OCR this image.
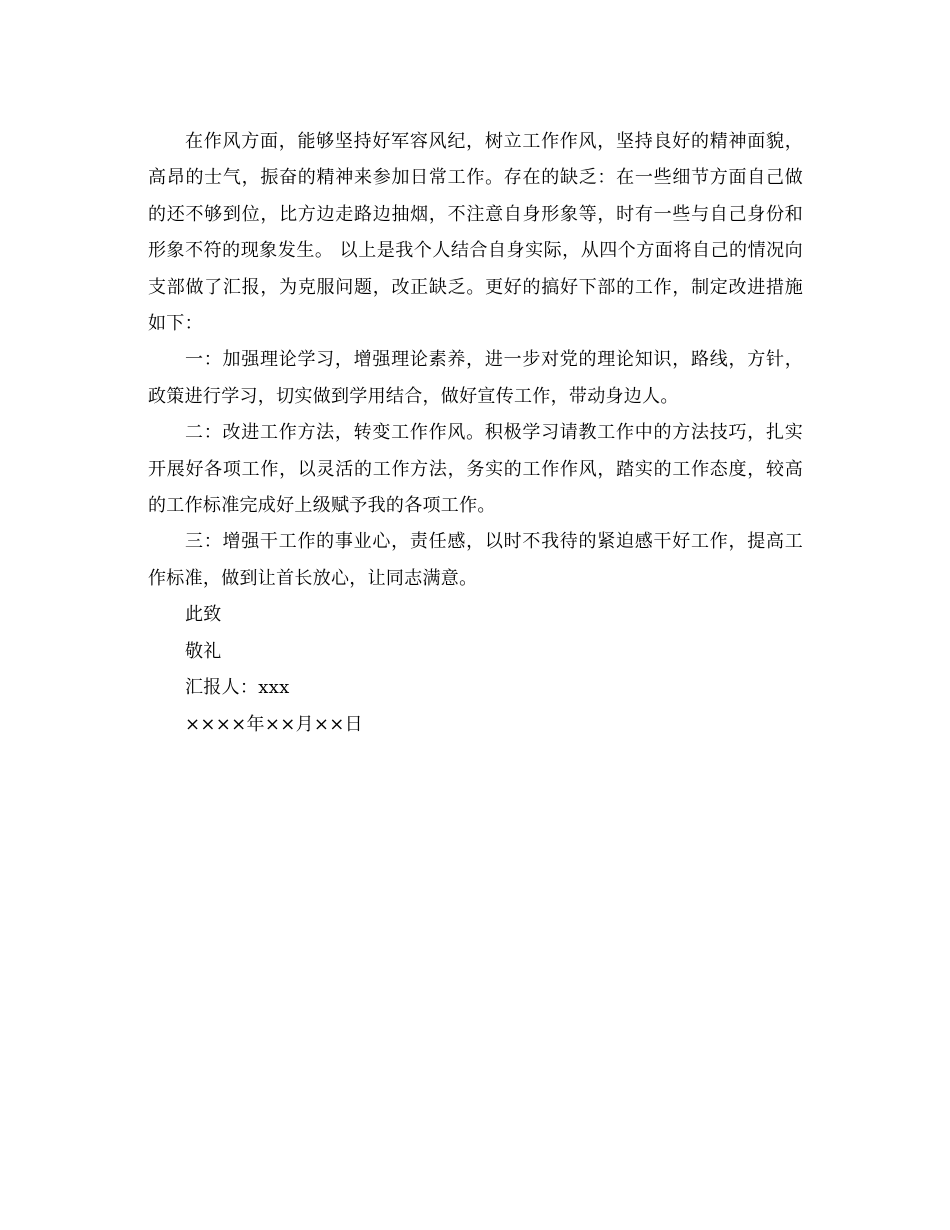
在作风方面，能够坚持好军容风纪，树立工作作风，坚持良好的精神面貌，高昂的士气，振奋的精神来参加日常工作。存在的缺乏：在一些细节方面自己做的还不够到位，比方边走路边抽烟，不注意自身形象等，时有一些与自己身份和形象不符的现象发生。 以上是我个人结合自身实际，从四个方面将自己的情况向支部做了汇报，为克服问题，改正缺乏。更好的搞好下部的工作，制定改进措施如下：

一：加强理论学习，增强理论素养，进一步对党的理论知识，路线，方针，政策进行学习，切实做到学用结合，做好宣传工作，带动身边人。

二：改进工作方法，转变工作作风。积极学习请教工作中的方法技巧，扎实开展好各项工作，以灵活的工作方法，务实的工作作风，踏实的工作态度，较高的工作标准完成好上级赋予我的各项工作。

三：增强干工作的事业心，责任感，以时不我待的紧迫感干好工作，提高工作标准，做到让首长放心，让同志满意。

此致

敬礼

汇报人：xxx

××××年××月××日
